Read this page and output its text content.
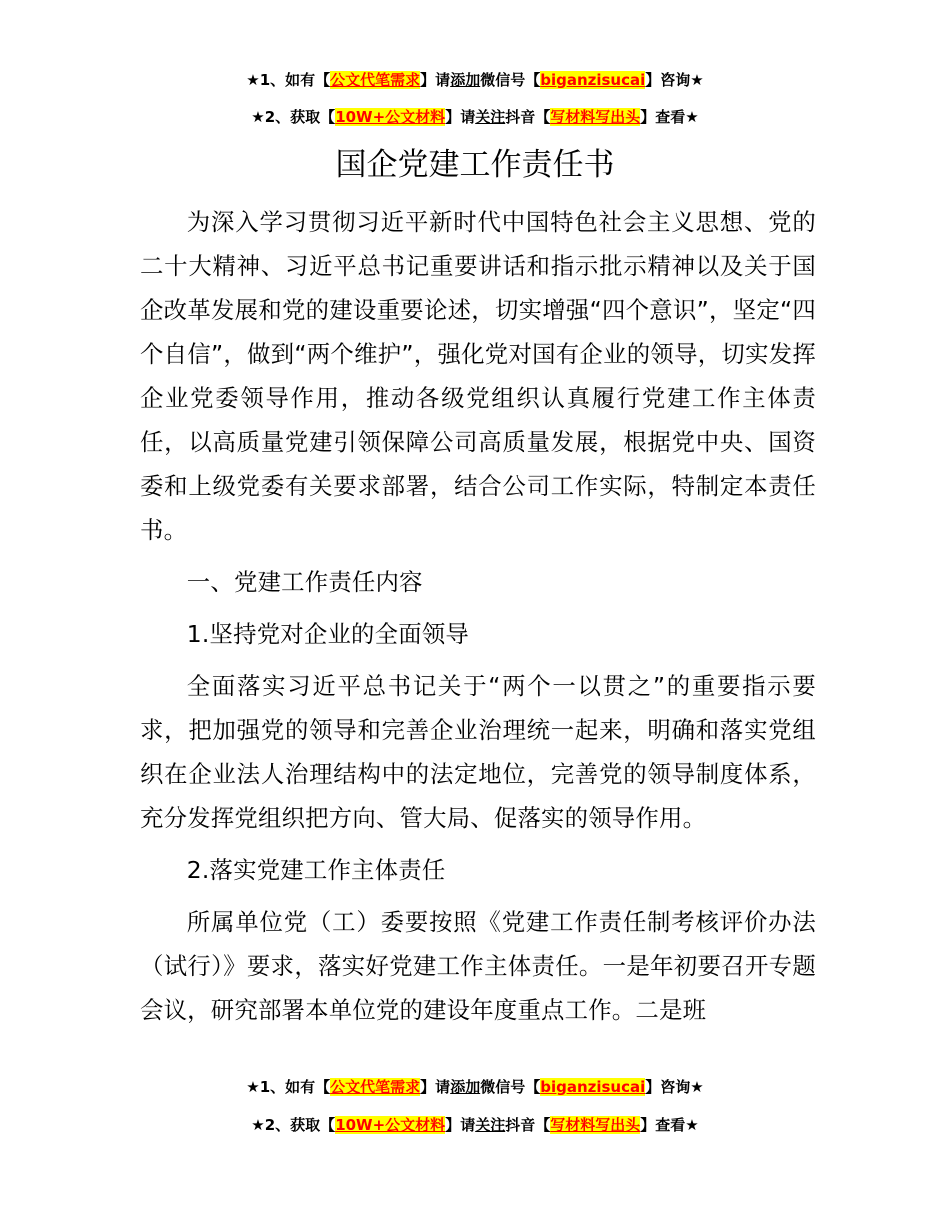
★1、如有【公文代笔需求】请添加微信号【biganzisucai】咨询★
★2、获取【10W+公文材料】请关注抖音【写材料写出头】查看★
国企党建工作责任书

为深入学习贯彻习近平新时代中国特色社会主义思想、党的二十大精神、习近平总书记重要讲话和指示批示精神以及关于国企改革发展和党的建设重要论述，切实增强“四个意识”，坚定“四个自信”，做到“两个维护”，强化党对国有企业的领导，切实发挥企业党委领导作用，推动各级党组织认真履行党建工作主体责任，以高质量党建引领保障公司高质量发展，根据党中央、国资委和上级党委有关要求部署，结合公司工作实际，特制定本责任书。

一、党建工作责任内容

1.坚持党对企业的全面领导

全面落实习近平总书记关于“两个一以贯之”的重要指示要求，把加强党的领导和完善企业治理统一起来，明确和落实党组织在企业法人治理结构中的法定地位，完善党的领导制度体系，充分发挥党组织把方向、管大局、促落实的领导作用。

2.落实党建工作主体责任

所属单位党（工）委要按照《党建工作责任制考核评价办法（试行）》要求，落实好党建工作主体责任。一是年初要召开专题会议，研究部署本单位党的建设年度重点工作。二是班

★1、如有【公文代笔需求】请添加微信号【biganzisucai】咨询★
★2、获取【10W+公文材料】请关注抖音【写材料写出头】查看★
